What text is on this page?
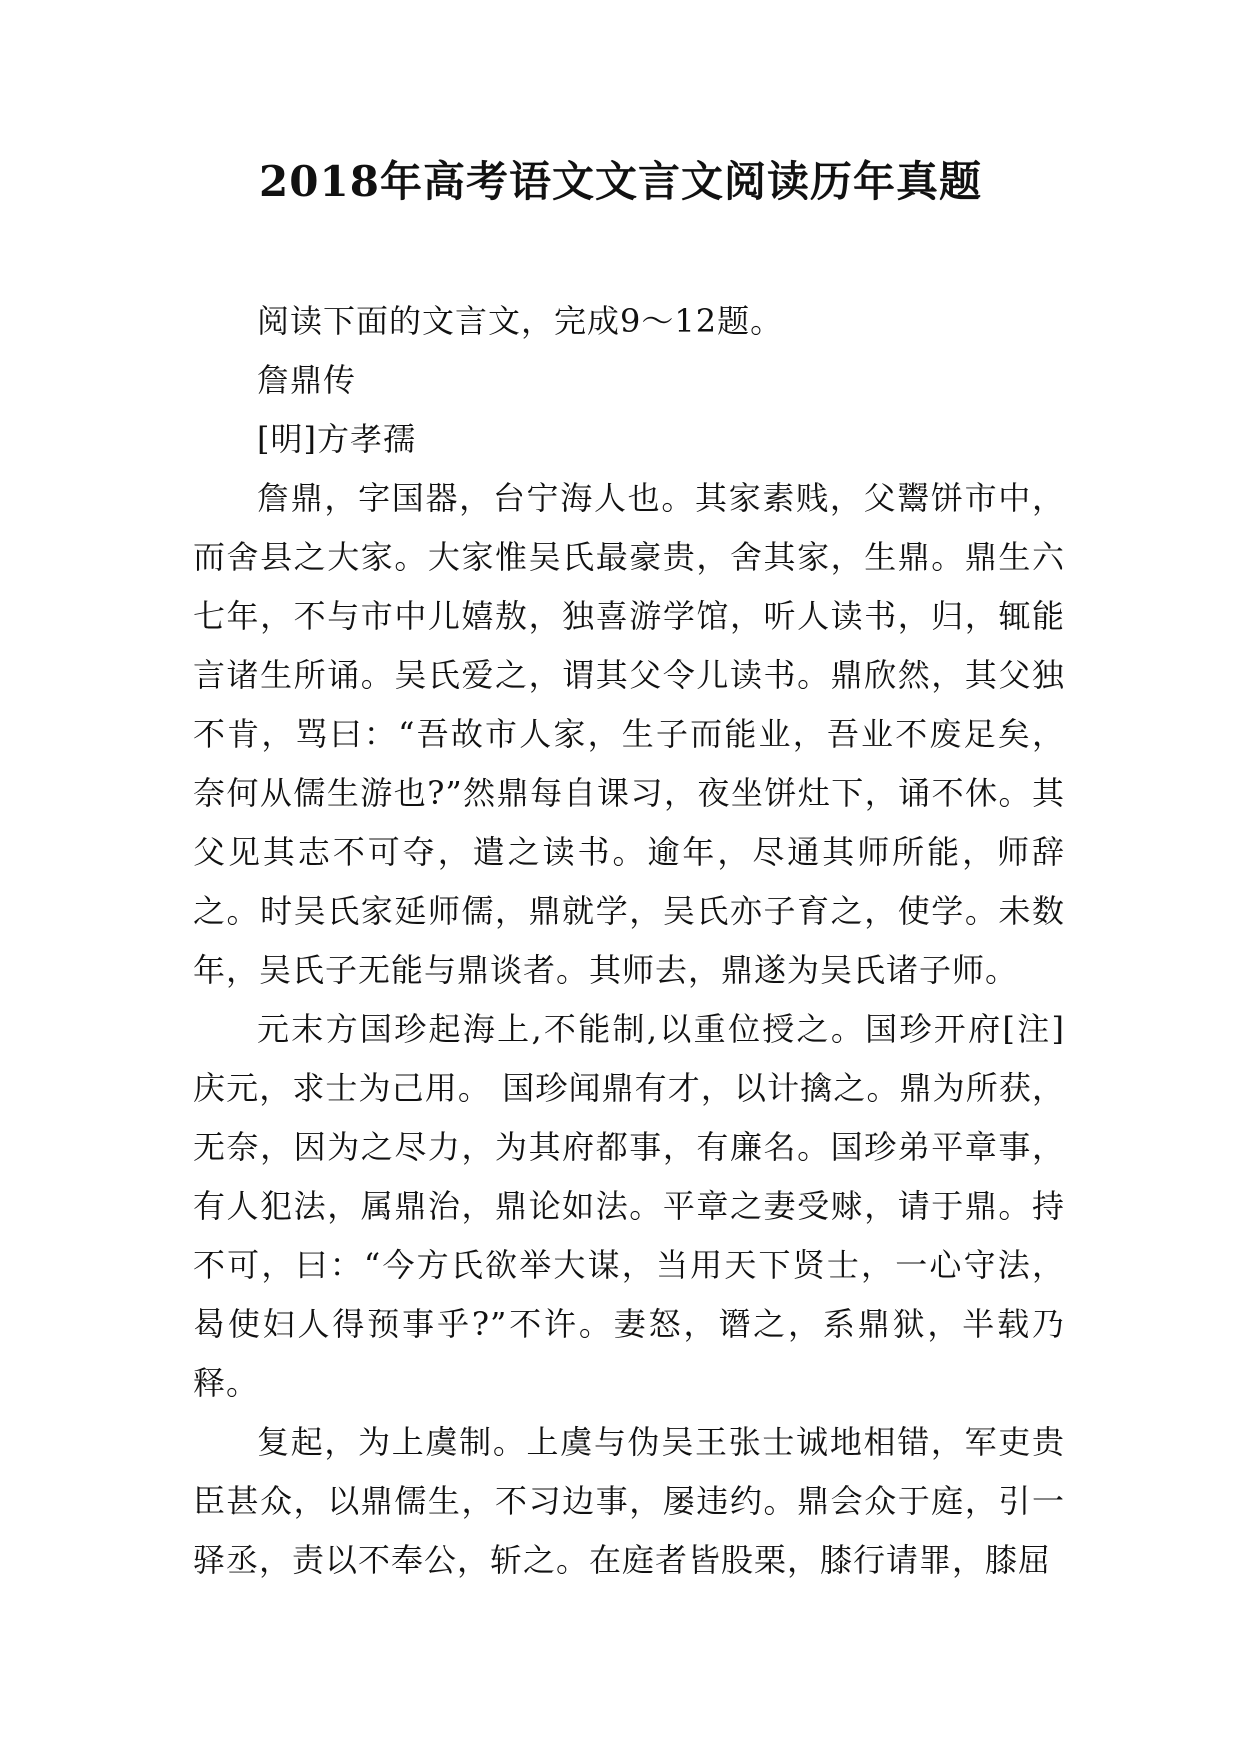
2018年高考语文文言文阅读历年真题

阅读下面的文言文，完成9～12题。

詹鼎传

[明]方孝孺

詹鼎，字国器，台宁海人也。其家素贱，父鬻饼市中，而舍县之大家。大家惟吴氏最豪贵，舍其家，生鼎。鼎生六七年，不与市中儿嬉敖，独喜游学馆，听人读书，归，辄能言诸生所诵。吴氏爱之，谓其父令儿读书。鼎欣然，其父独不肯，骂曰：“吾故市人家，生子而能业，吾业不废足矣，奈何从儒生游也?”然鼎每自课习，夜坐饼灶下，诵不休。其父见其志不可夺，遣之读书。逾年，尽通其师所能，师辞之。时吴氏家延师儒，鼎就学，吴氏亦子育之，使学。未数年，吴氏子无能与鼎谈者。其师去，鼎遂为吴氏诸子师。

元末方国珍起海上,不能制,以重位授之。国珍开府[注]庆元，求士为己用。 国珍闻鼎有才，以计擒之。鼎为所获，无奈，因为之尽力，为其府都事，有廉名。国珍弟平章事，有人犯法，属鼎治，鼎论如法。平章之妻受赇，请于鼎。持不可，曰：“今方氏欲举大谋，当用天下贤士，一心守法，曷使妇人得预事乎?”不许。妻怒，谮之，系鼎狱，半载乃释。

复起，为上虞制。上虞与伪吴王张士诚地相错，军吏贵臣甚众，以鼎儒生，不习边事，屡违约。鼎会众于庭，引一驿丞，责以不奉公，斩之。在庭者皆股栗，膝行请罪，膝屈
